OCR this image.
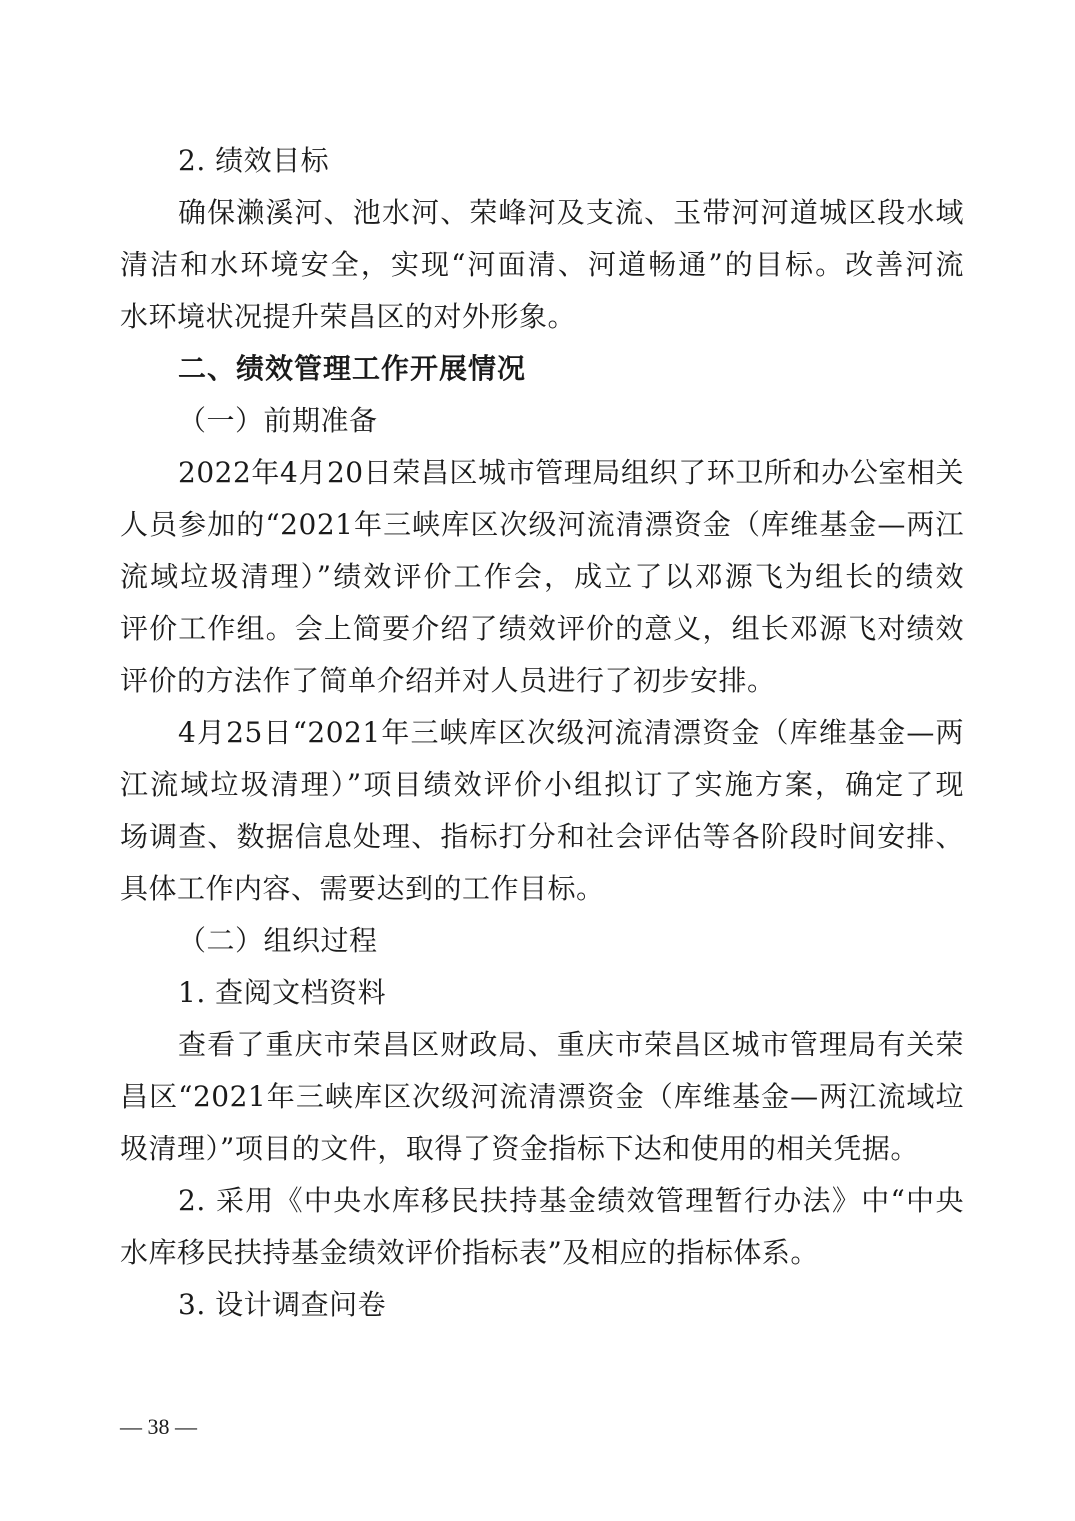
2. 绩效目标
确保濑溪河、池水河、荣峰河及支流、玉带河河道城区段水域
清洁和水环境安全，实现“河面清、河道畅通”的目标。改善河流
水环境状况提升荣昌区的对外形象。
二、绩效管理工作开展情况
（一）前期准备
2022年4月20日荣昌区城市管理局组织了环卫所和办公室相关
人员参加的“2021年三峡库区次级河流清漂资金（库维基金—两江
流域垃圾清理）”绩效评价工作会，成立了以邓源飞为组长的绩效
评价工作组。会上简要介绍了绩效评价的意义，组长邓源飞对绩效
评价的方法作了简单介绍并对人员进行了初步安排。
4月25日“2021年三峡库区次级河流清漂资金（库维基金—两
江流域垃圾清理）”项目绩效评价小组拟订了实施方案，确定了现
场调查、数据信息处理、指标打分和社会评估等各阶段时间安排、
具体工作内容、需要达到的工作目标。
（二）组织过程
1. 查阅文档资料
查看了重庆市荣昌区财政局、重庆市荣昌区城市管理局有关荣
昌区“2021年三峡库区次级河流清漂资金（库维基金—两江流域垃
圾清理）”项目的文件，取得了资金指标下达和使用的相关凭据。
2. 采用《中央水库移民扶持基金绩效管理暂行办法》中“中央
水库移民扶持基金绩效评价指标表”及相应的指标体系。
3. 设计调查问卷
— 38 —
